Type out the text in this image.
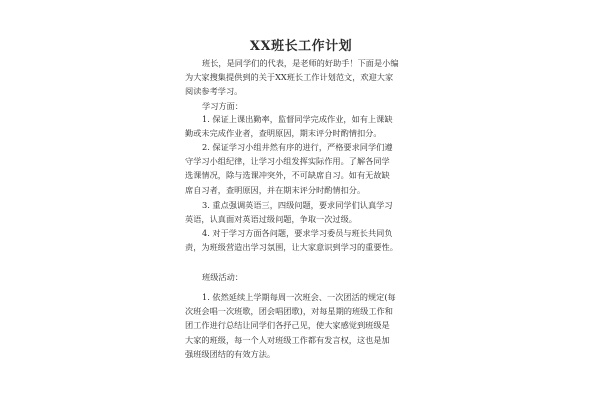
XX班长工作计划
班长，是同学们的代表，是老师的好助手！下面是小编
为大家搜集提供到的关于XX班长工作计划范文，欢迎大家
阅读参考学习。
学习方面：
1. 保证上课出勤率，监督同学完成作业，如有上课缺
勤或未完成作业者，查明原因，期末评分时酌情扣分。
2. 保证学习小组井然有序的进行，严格要求同学们遵
守学习小组纪律，让学习小组发挥实际作用。了解各同学
选课情况，除与选课冲突外，不可缺席自习。如有无故缺
席自习者，查明原因，并在期末评分时酌情扣分。
3. 重点强调英语三，四级问题，要求同学们认真学习
英语，认真面对英语过级问题，争取一次过级。
4. 对于学习方面各问题，要求学习委员与班长共同负
责，为班级营造出学习氛围，让大家意识到学习的重要性。
班级活动：
1. 依然延续上学期每周一次班会、一次团活的规定(每
次班会唱一次班歌，团会唱团歌)，对每星期的班级工作和
团工作进行总结让同学们各抒己见，使大家感觉到班级是
大家的班级，每一个人对班级工作都有发言权，这也是加
强班级团结的有效方法。
